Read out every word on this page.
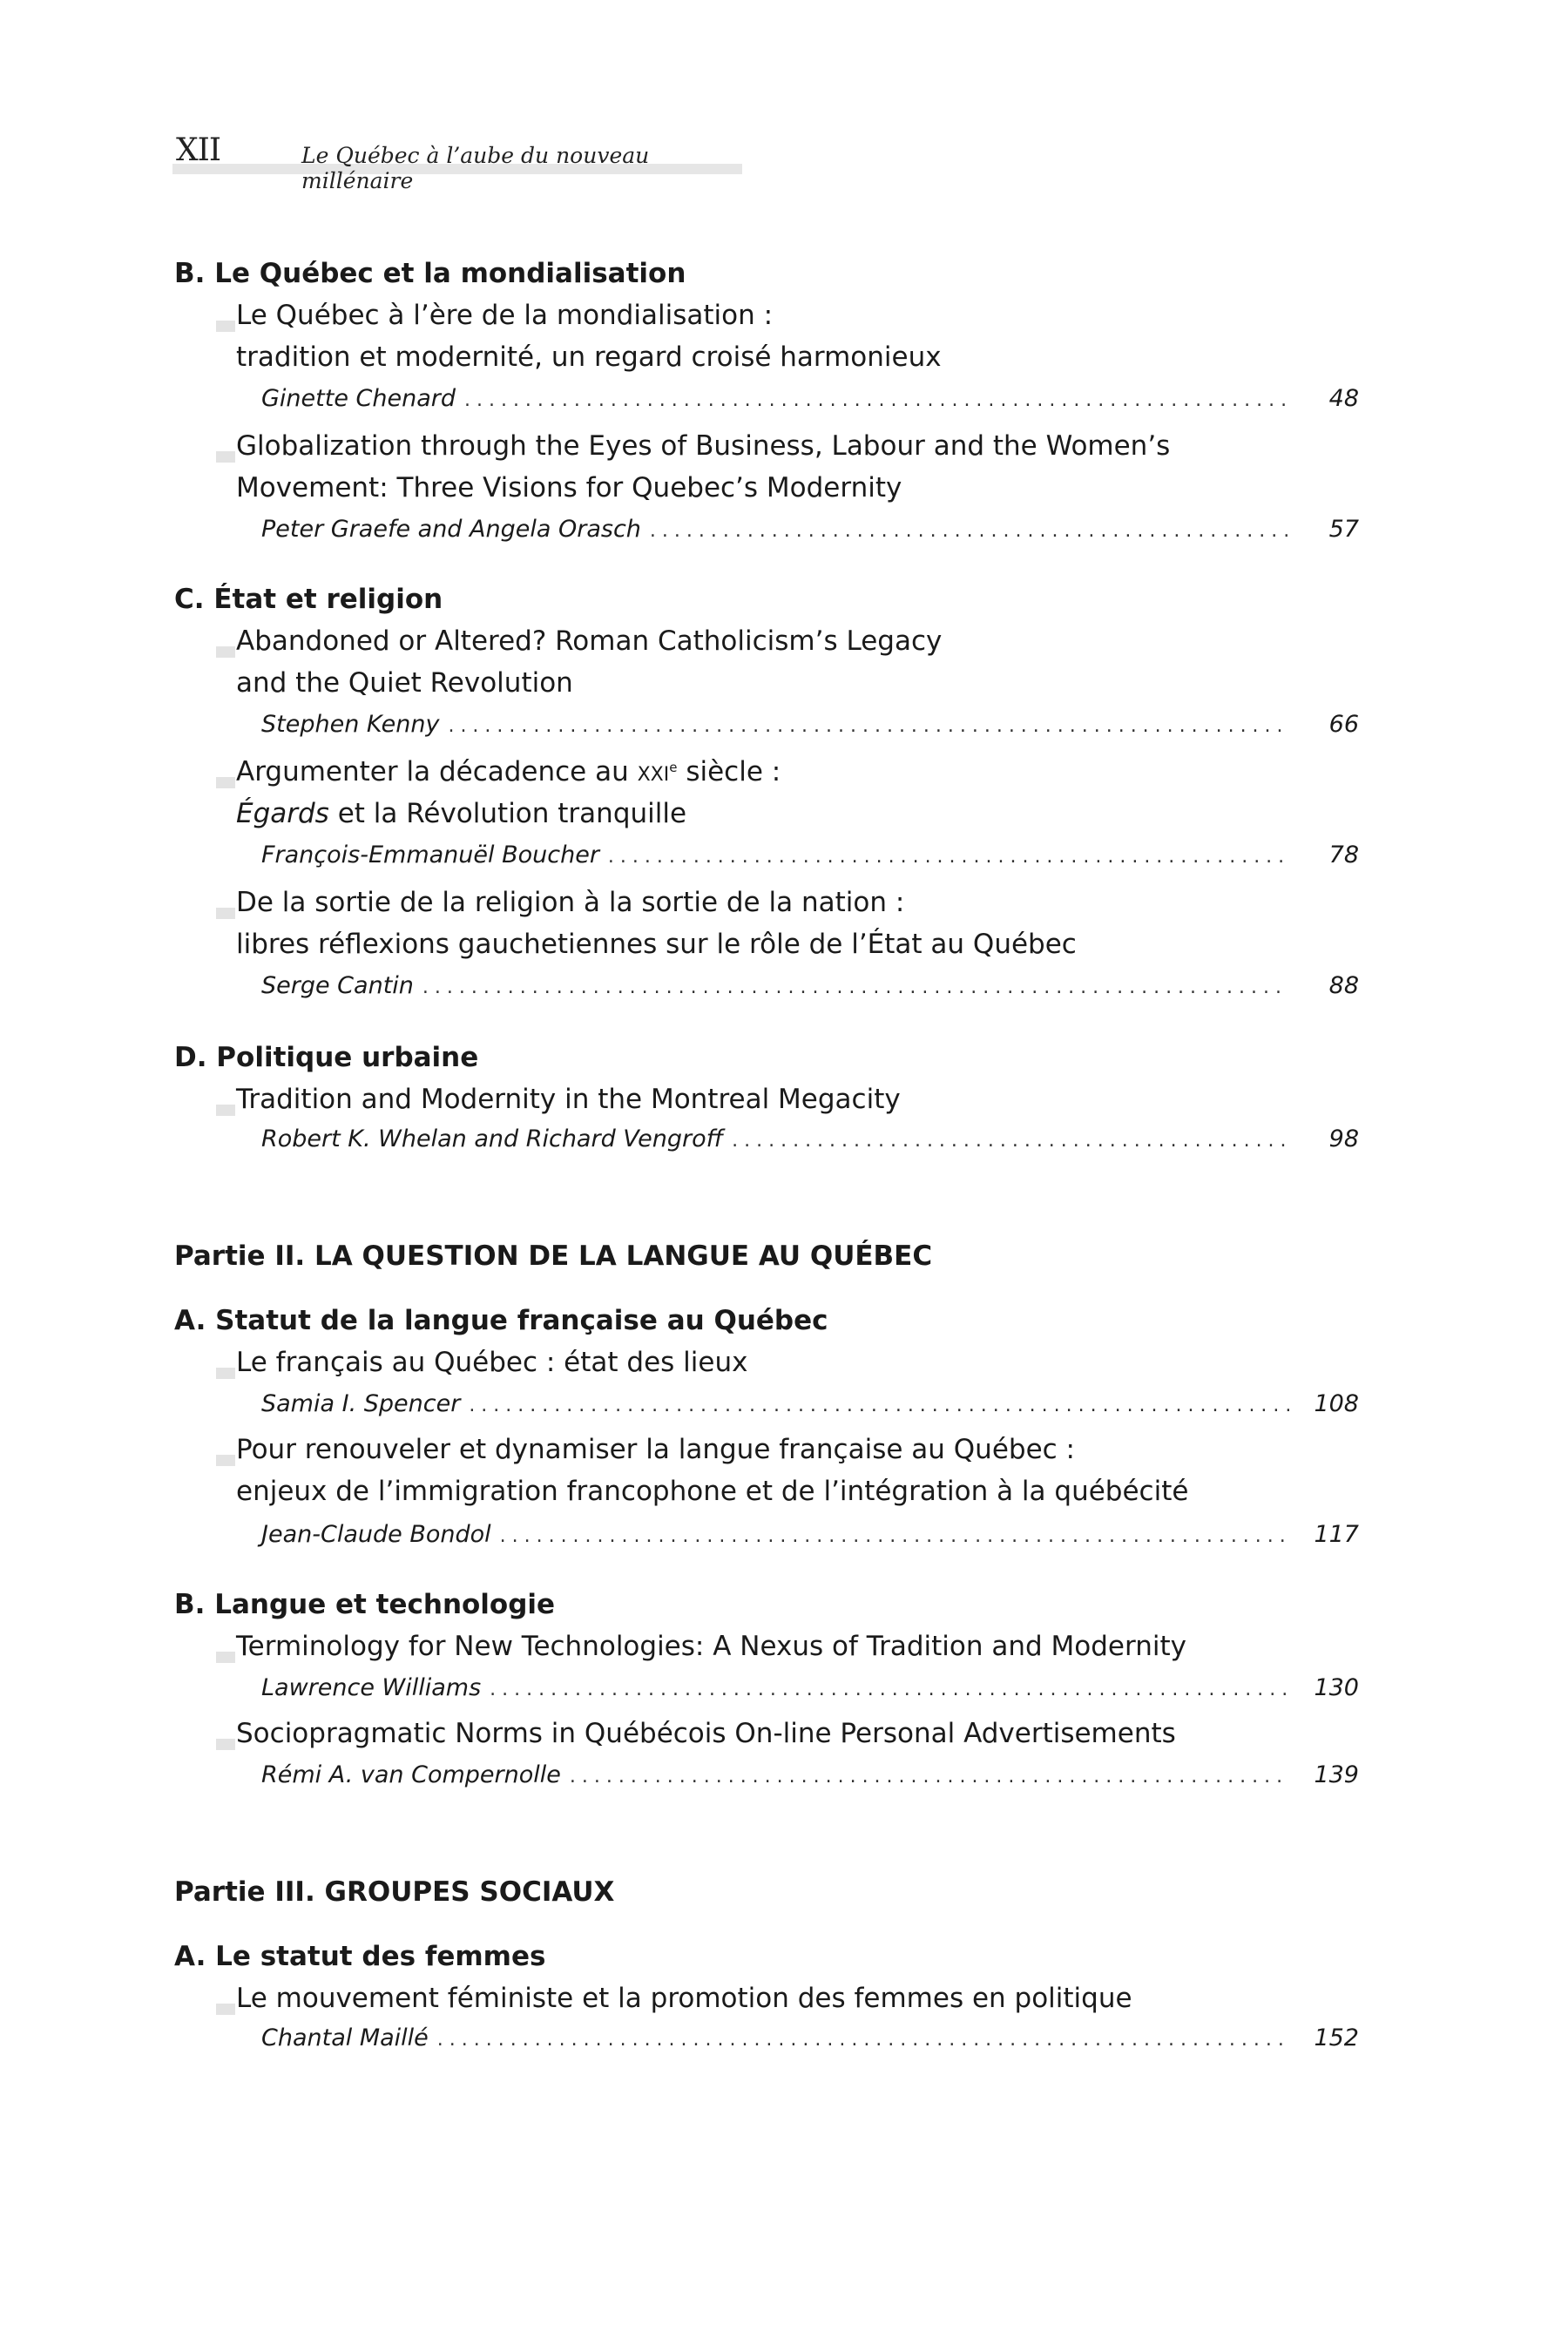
XII	Le Québec à l’aube du nouveau millénaire
B. Le Québec et la mondialisation
Le Québec à l’ère de la mondialisation :
tradition et modernité, un regard croisé harmonieux
Ginette Chenard . . .	48
Globalization through the Eyes of Business, Labour and the Women’s
Movement: Three Visions for Quebec’s Modernity
Peter Graefe and Angela Orasch . . .	57
C. État et religion
Abandoned or Altered? Roman Catholicism’s Legacy
and the Quiet Revolution
Stephen Kenny . . .	66
Argumenter la décadence au XXIe siècle :
Égards et la Révolution tranquille
François-Emmanuël Boucher . . .	78
De la sortie de la religion à la sortie de la nation :
libres réflexions gauchetiennes sur le rôle de l’État au Québec
Serge Cantin . . .	88
D. Politique urbaine
Tradition and Modernity in the Montreal Megacity
Robert K. Whelan and Richard Vengroff . . .	98
Partie II. LA QUESTION DE LA LANGUE AU QUÉBEC
A. Statut de la langue française au Québec
Le français au Québec : état des lieux
Samia I. Spencer . . .	108
Pour renouveler et dynamiser la langue française au Québec :
enjeux de l’immigration francophone et de l’intégration à la québécité
Jean-Claude Bondol . . .	117
B. Langue et technologie
Terminology for New Technologies: A Nexus of Tradition and Modernity
Lawrence Williams . . .	130
Sociopragmatic Norms in Québécois On-line Personal Advertisements
Rémi A. van Compernolle . . .	139
Partie III. GROUPES SOCIAUX
A. Le statut des femmes
Le mouvement féministe et la promotion des femmes en politique
Chantal Maillé . . .	152
